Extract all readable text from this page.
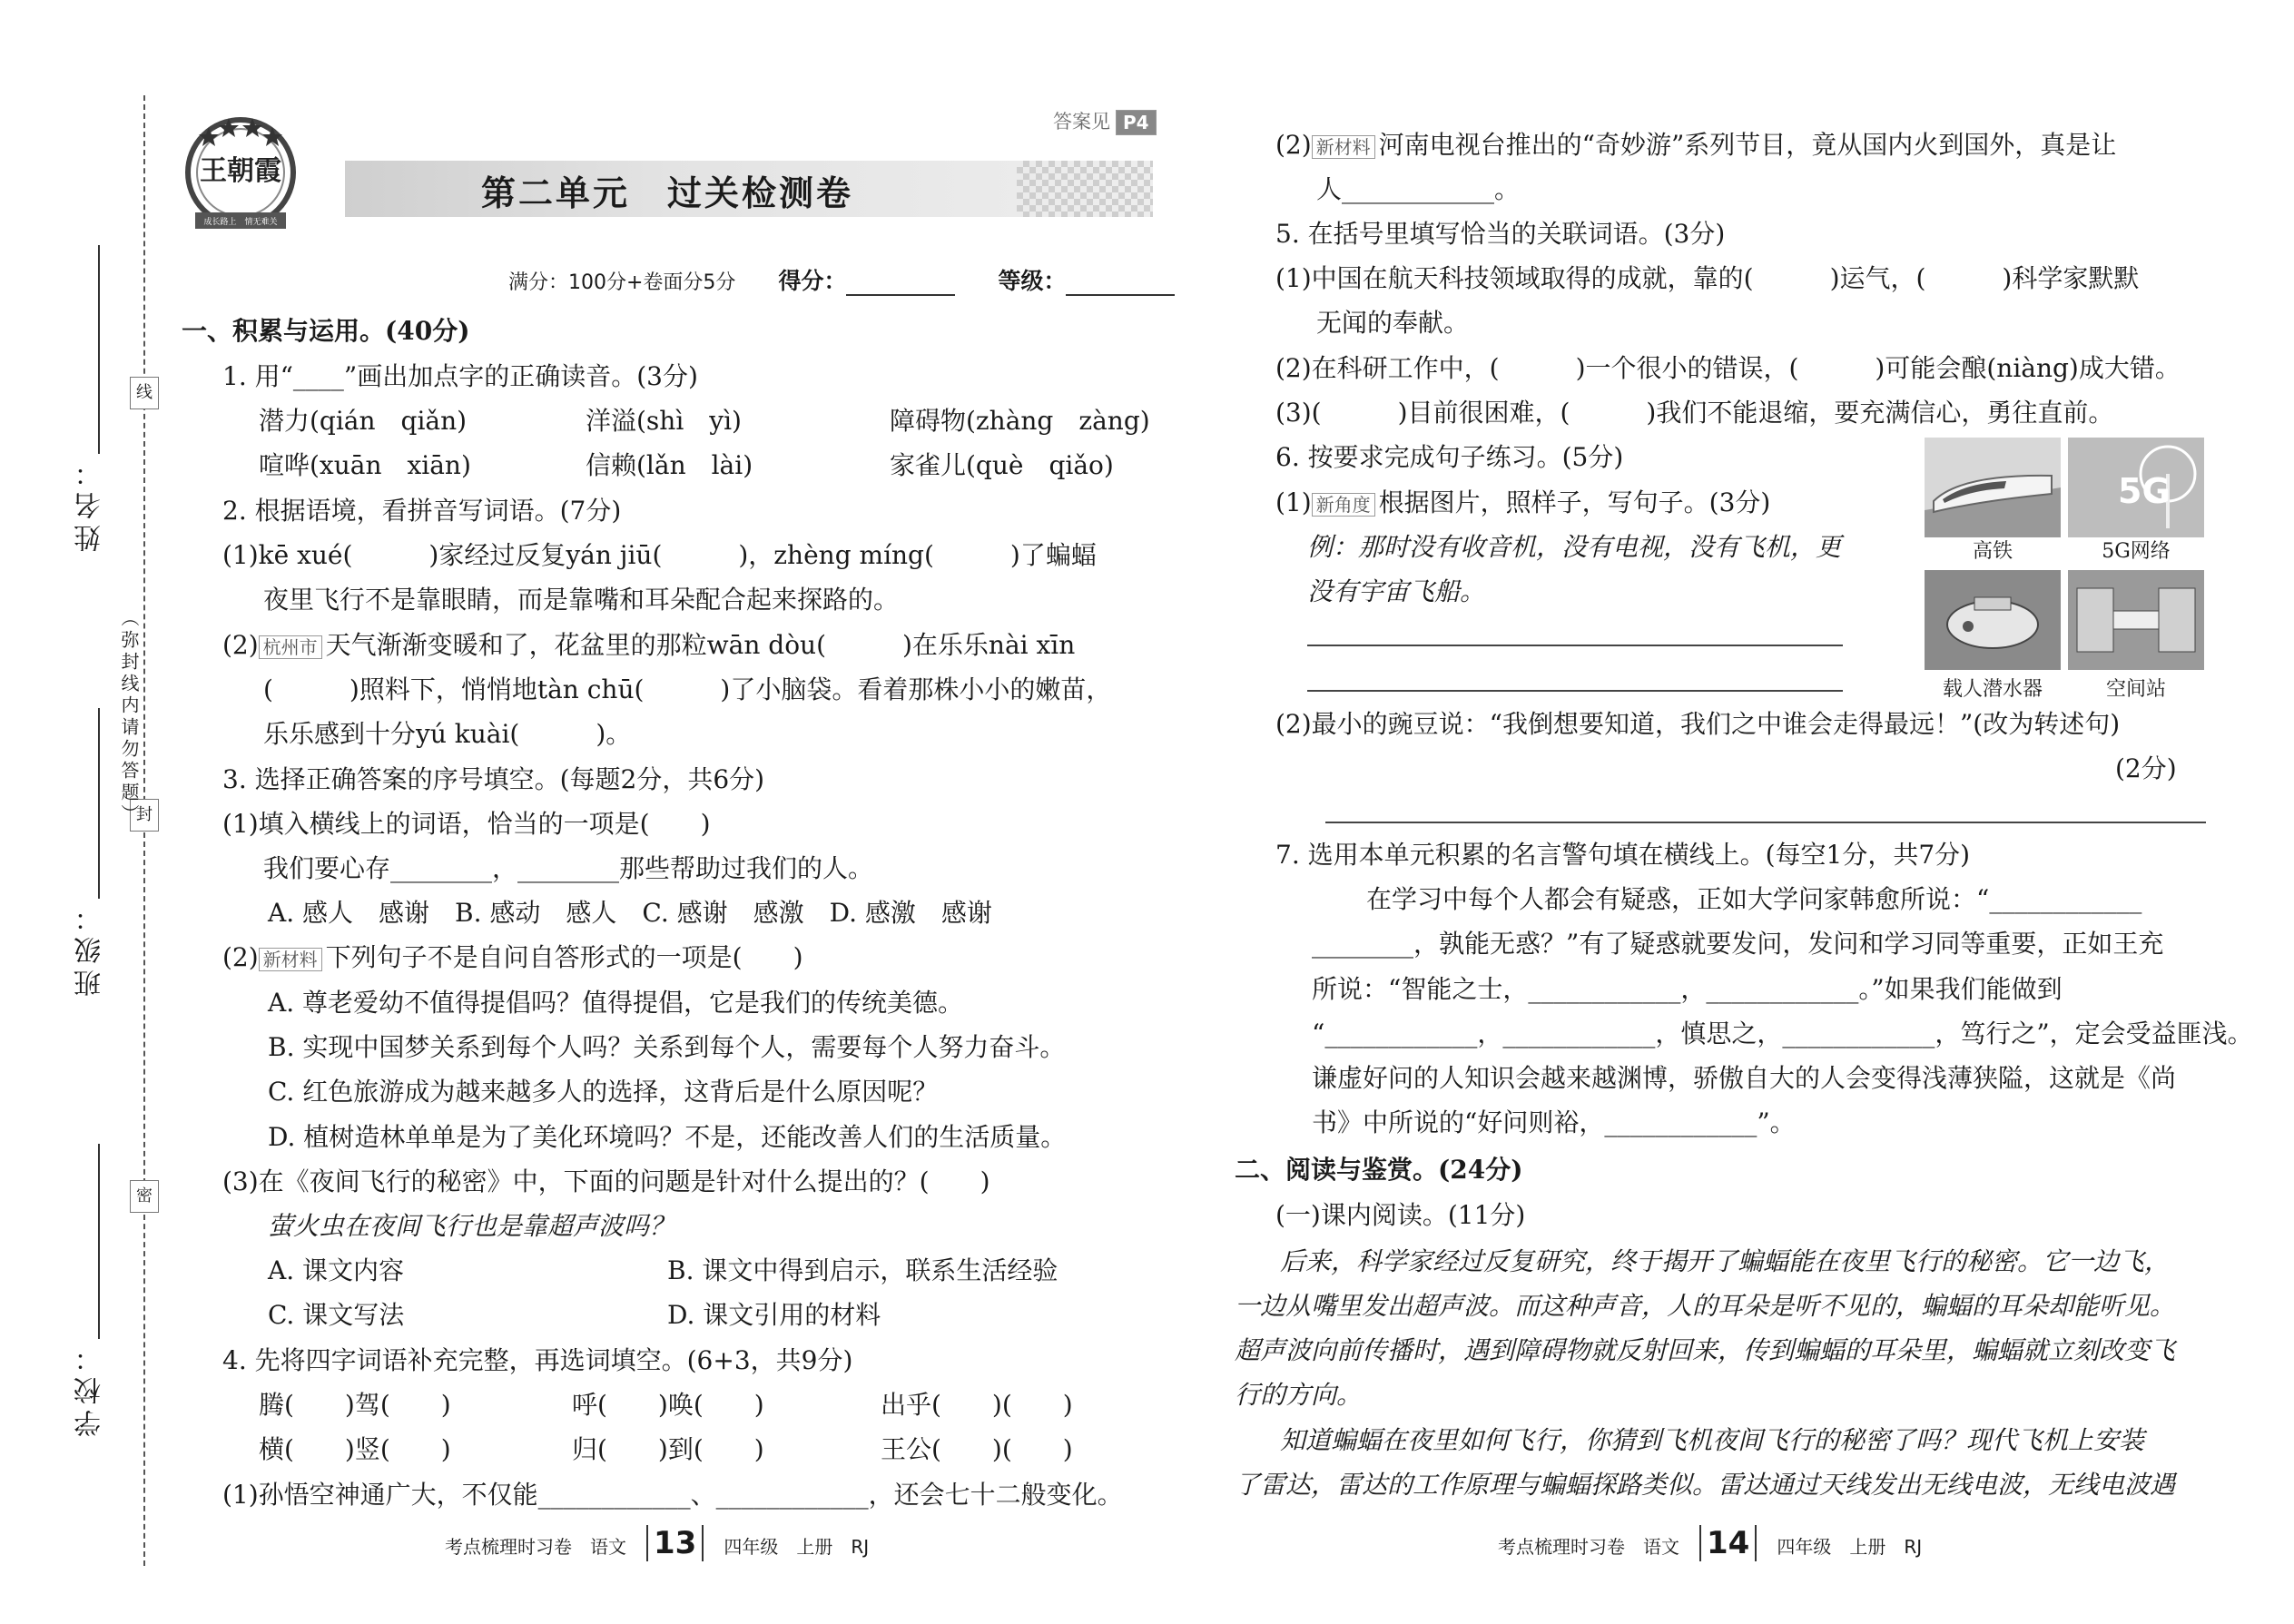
姓名：
班级：
学校：
线
封
密
（弥封线内请勿答题）
王朝霞
成长路上　情无难关
第二单元　过关检测卷
答案见 P4
满分：100分+卷面分5分 得分：	等级：
一、积累与运用。(40分)
1. 用“____”画出加点字的正确读音。(3分)
潜力(qián　qiǎn)	洋溢(shì　yì)	障碍物(zhàng　zàng)
喧哗(xuān　xiān)	信赖(lǎn　lài)	家雀儿(què　qiǎo)
2. 根据语境，看拼音写词语。(7分)
(1)kē xué(　　　)家经过反复yán jiū(　　　)，zhèng míng(　　　)了蝙蝠
夜里飞行不是靠眼睛，而是靠嘴和耳朵配合起来探路的。
(2) 杭州市 天气渐渐变暖和了，花盆里的那粒wān dòu(　　　)在乐乐nài xīn
(　　　)照料下，悄悄地tàn chū(　　　)了小脑袋。看着那株小小的嫩苗，
乐乐感到十分yú kuài(　　　)。
3. 选择正确答案的序号填空。(每题2分，共6分)
(1)填入横线上的词语，恰当的一项是(　　)
我们要心存________，________那些帮助过我们的人。
A. 感人　感谢　B. 感动　感人　C. 感谢　感激　D. 感激　感谢
(2) 新材料 下列句子不是自问自答形式的一项是(　　)
A. 尊老爱幼不值得提倡吗？值得提倡，它是我们的传统美德。
B. 实现中国梦关系到每个人吗？关系到每个人，需要每个人努力奋斗。
C. 红色旅游成为越来越多人的选择，这背后是什么原因呢？
D. 植树造林单单是为了美化环境吗？不是，还能改善人们的生活质量。
(3)在《夜间飞行的秘密》中，下面的问题是针对什么提出的？(　　)
萤火虫在夜间飞行也是靠超声波吗？
A. 课文内容	B. 课文中得到启示，联系生活经验
C. 课文写法	D. 课文引用的材料
4. 先将四字词语补充完整，再选词填空。(6+3，共9分)
腾(　　)驾(　　)	呼(　　)唤(　　)	出乎(　　)(　　)
横(　　)竖(　　)	归(　　)到(　　)	王公(　　)(　　)
(1)孙悟空神通广大，不仅能____________、____________，还会七十二般变化。
(2) 新材料 河南电视台推出的“奇妙游”系列节目，竟从国内火到国外，真是让
人____________。
5. 在括号里填写恰当的关联词语。(3分)
(1)中国在航天科技领域取得的成就，靠的(　　　)运气，(　　　)科学家默默
无闻的奉献。
(2)在科研工作中，(　　　)一个很小的错误，(　　　)可能会酿(niàng)成大错。
(3)(　　　)目前很困难，(　　　)我们不能退缩，要充满信心，勇往直前。
6. 按要求完成句子练习。(5分)
(1) 新角度 根据图片，照样子，写句子。(3分)
例：那时没有收音机，没有电视，没有飞机，更
没有宇宙飞船。
5G
高铁	5G网络
载人潜水器	空间站
(2)最小的豌豆说：“我倒想要知道，我们之中谁会走得最远！”(改为转述句)
(2分)
7. 选用本单元积累的名言警句填在横线上。(每空1分，共7分)
在学习中每个人都会有疑惑，正如大学问家韩愈所说：“____________
________，孰能无惑？”有了疑惑就要发问，发问和学习同等重要，正如王充
所说：“智能之士，____________，____________。”如果我们能做到
“____________，____________，慎思之，____________，笃行之”，定会受益匪浅。
谦虚好问的人知识会越来越渊博，骄傲自大的人会变得浅薄狭隘，这就是《尚
书》中所说的“好问则裕，____________”。
二、阅读与鉴赏。(24分)
(一)课内阅读。(11分)
后来，科学家经过反复研究，终于揭开了蝙蝠能在夜里飞行的秘密。它一边飞，
一边从嘴里发出超声波。而这种声音，人的耳朵是听不见的，蝙蝠的耳朵却能听见。
超声波向前传播时，遇到障碍物就反射回来，传到蝙蝠的耳朵里，蝙蝠就立刻改变飞
行的方向。
知道蝙蝠在夜里如何飞行，你猜到飞机夜间飞行的秘密了吗？现代飞机上安装
了雷达，雷达的工作原理与蝙蝠探路类似。雷达通过天线发出无线电波，无线电波遇
考点梳理时习卷　语文 13 四年级　上册　RJ	考点梳理时习卷　语文 14 四年级　上册　RJ
